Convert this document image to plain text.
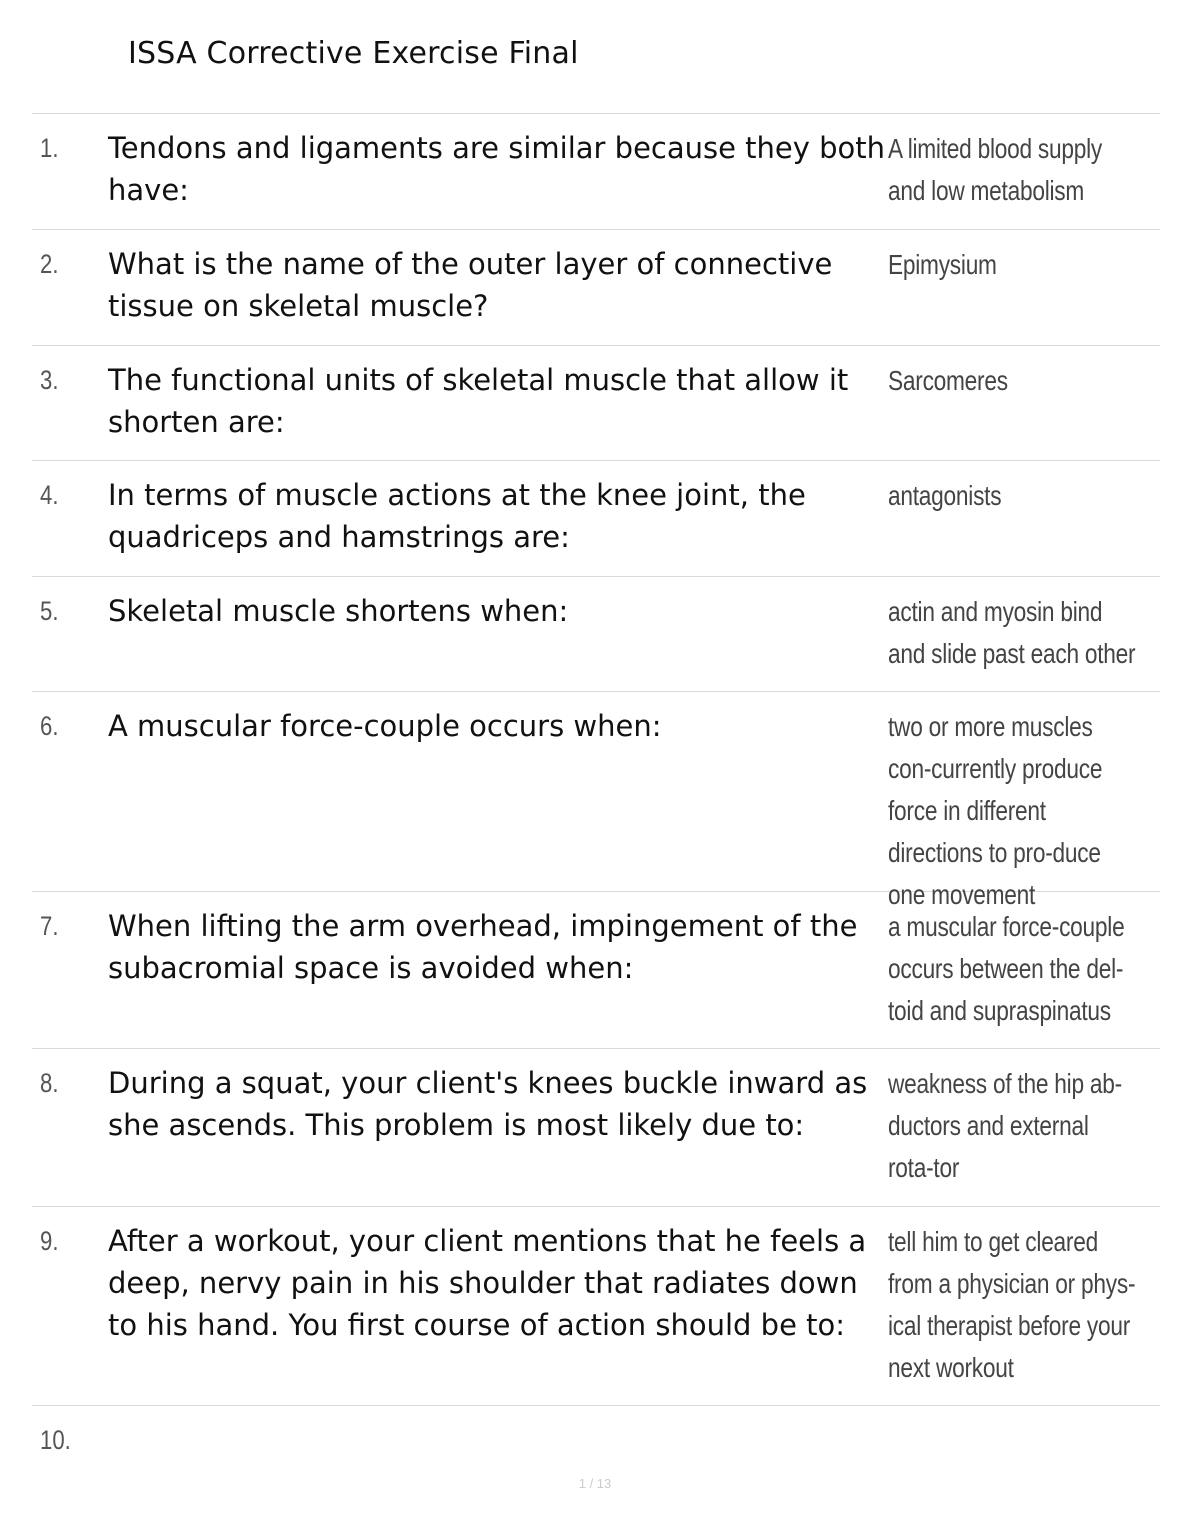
ISSA Corrective Exercise Final
1. Tendons and ligaments are similar because they both have:
A limited blood supply and low metabolism
2. What is the name of the outer layer of connective tissue on skeletal muscle?
Epimysium
3. The functional units of skeletal muscle that allow it shorten are:
Sarcomeres
4. In terms of muscle actions at the knee joint, the quadriceps and hamstrings are:
antagonists
5. Skeletal muscle shortens when:	actin and myosin bind and slide past each other
6. A muscular force-couple occurs when:	two or more muscles con-currently produce force in different directions to pro-duce one movement
7. When lifting the arm overhead, impingement of the subacromial space is avoided when:
a muscular force-couple occurs between the del-toid and supraspinatus
8. During a squat, your client's knees buckle inward as she ascends. This problem is most likely due to:
weakness of the hip ab-ductors and external rota-tor
9. After a workout, your client mentions that he feels a deep, nervy pain in his shoulder that radiates down to his hand. You first course of action should be to:
tell him to get cleared from a physician or phys-ical therapist before your next workout
10.
1 / 13
